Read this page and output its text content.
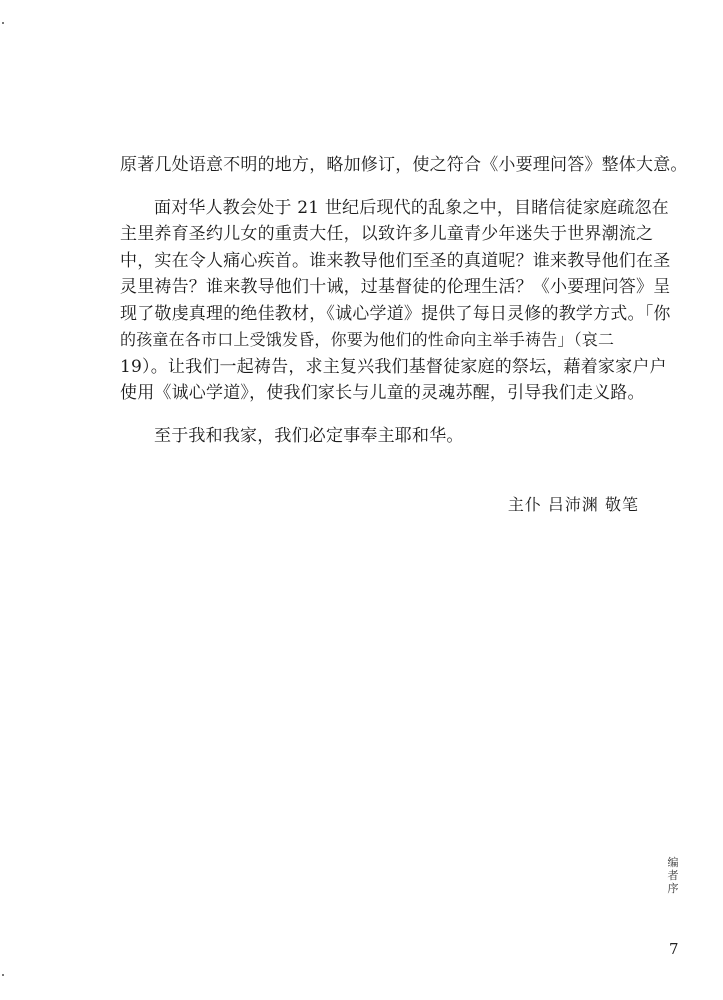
原著几处语意不明的地方，略加修订，使之符合《小要理问答》整体大意。
面对华人教会处于 21 世纪后现代的乱象之中，目睹信徒家庭疏忽在
主里养育圣约儿女的重责大任，以致许多儿童青少年迷失于世界潮流之
中，实在令人痛心疾首。谁来教导他们至圣的真道呢？谁来教导他们在圣
灵里祷告？谁来教导他们十诫，过基督徒的伦理生活？《小要理问答》呈
现了敬虔真理的绝佳教材，《诚心学道》提供了每日灵修的教学方式。「你
的孩童在各市口上受饿发昏，你要为他们的性命向主举手祷告」（哀二
19）。让我们一起祷告，求主复兴我们基督徒家庭的祭坛，藉着家家户户
使用《诚心学道》，使我们家长与儿童的灵魂苏醒，引导我们走义路。
至于我和我家，我们必定事奉主耶和华。
主仆 吕沛渊 敬笔
编
者
序
7
